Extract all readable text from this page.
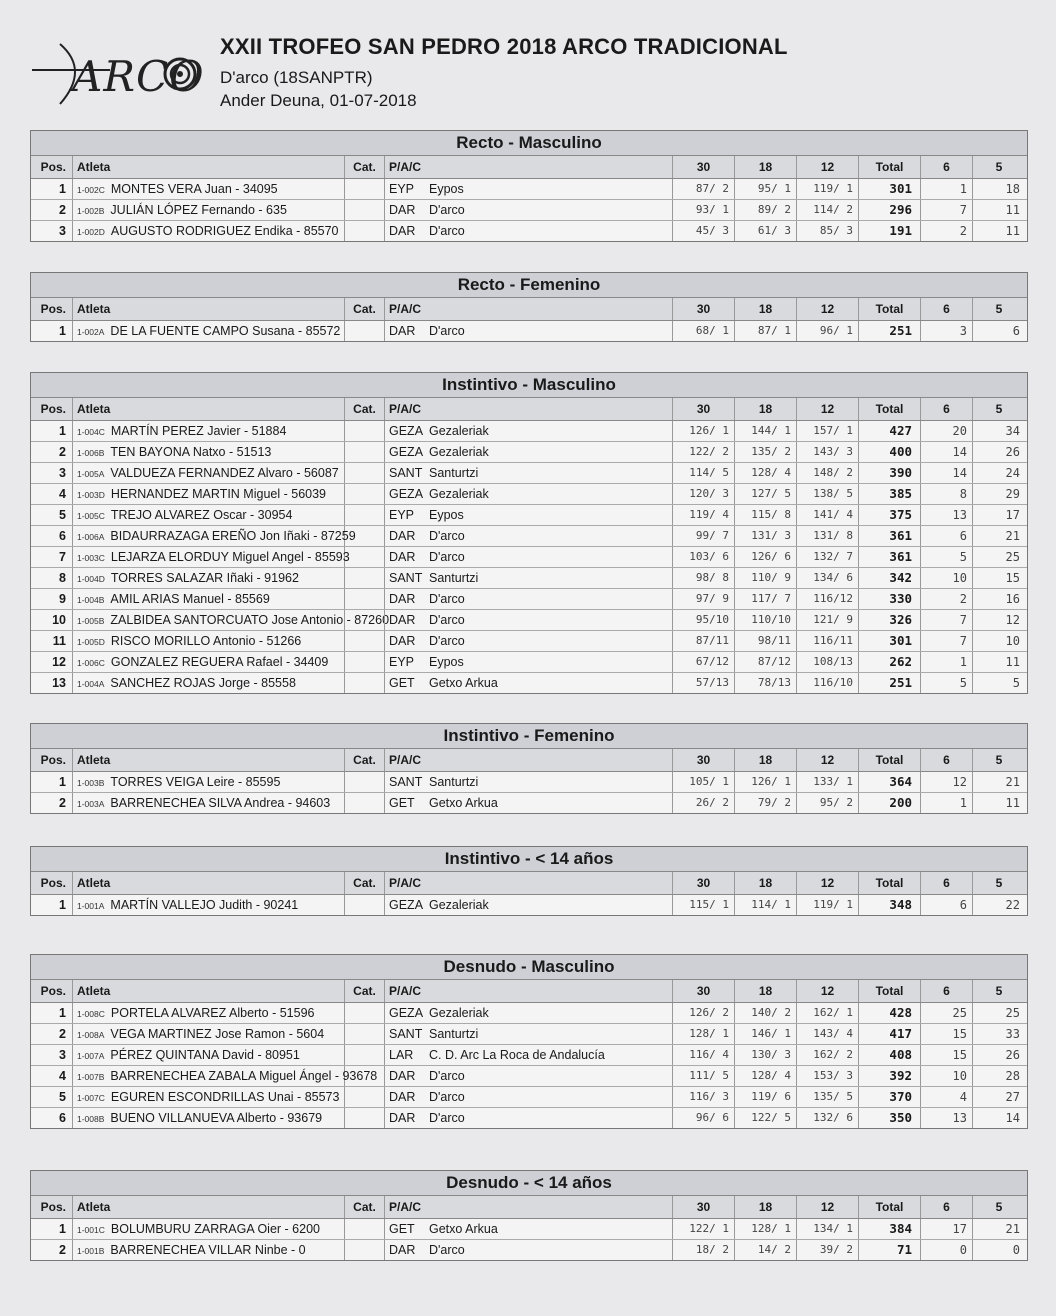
ARCO
XXII TROFEO SAN PEDRO 2018 ARCO TRADICIONAL
D'arco (18SANPTR)
Ander Deuna, 01-07-2018
Recto - Masculino
Pos. Atleta	Cat.	P/A/C	30	18	12	Total	6	5
1	1-002C MONTES VERA Juan - 34095	EYP Eypos	87/ 2	95/ 1	119/ 1	301	1	18
2	1-002B JULIÁN LÓPEZ Fernando - 635	DAR D'arco	93/ 1	89/ 2	114/ 2	296	7	11
3	1-002D AUGUSTO RODRIGUEZ Endika - 85570	DAR D'arco	45/ 3	61/ 3	85/ 3	191	2	11
Recto - Femenino
Pos. Atleta	Cat.	P/A/C	30	18	12	Total	6	5
1	1-002A DE LA FUENTE CAMPO Susana - 85572	DAR D'arco	68/ 1	87/ 1	96/ 1	251	3	6
Instintivo - Masculino
Pos. Atleta	Cat.	P/A/C	30	18	12	Total	6	5
1	1-004C MARTÍN PEREZ Javier - 51884	GEZA Gezaleriak	126/ 1	144/ 1	157/ 1	427	20	34
2	1-006B TEN BAYONA Natxo - 51513	GEZA Gezaleriak	122/ 2	135/ 2	143/ 3	400	14	26
3	1-005A VALDUEZA FERNANDEZ Alvaro - 56087	SANT Santurtzi	114/ 5	128/ 4	148/ 2	390	14	24
4	1-003D HERNANDEZ MARTIN Miguel - 56039	GEZA Gezaleriak	120/ 3	127/ 5	138/ 5	385	8	29
5	1-005C TREJO ALVAREZ Oscar - 30954	EYP Eypos	119/ 4	115/ 8	141/ 4	375	13	17
6	1-006A BIDAURRAZAGA EREÑO Jon Iñaki - 87259	DAR D'arco	99/ 7	131/ 3	131/ 8	361	6	21
7	1-003C LEJARZA ELORDUY Miguel Angel - 85593	DAR D'arco	103/ 6	126/ 6	132/ 7	361	5	25
8	1-004D TORRES SALAZAR Iñaki - 91962	SANT Santurtzi	98/ 8	110/ 9	134/ 6	342	10	15
9	1-004B AMIL ARIAS Manuel - 85569	DAR D'arco	97/ 9	117/ 7	116/12	330	2	16
10	1-005B ZALBIDEA SANTORCUATO Jose Antonio - 87260 DAR D'arco	95/10	110/10	121/ 9	326	7	12
11	1-005D RISCO MORILLO Antonio - 51266	DAR D'arco	87/11	98/11	116/11	301	7	10
12	1-006C GONZALEZ REGUERA Rafael - 34409	EYP Eypos	67/12	87/12	108/13	262	1	11
13	1-004A SANCHEZ ROJAS Jorge - 85558	GET Getxo Arkua	57/13	78/13	116/10	251	5	5
Instintivo - Femenino
Pos. Atleta	Cat.	P/A/C	30	18	12	Total	6	5
1	1-003B TORRES VEIGA Leire - 85595	SANT Santurtzi	105/ 1	126/ 1	133/ 1	364	12	21
2	1-003A BARRENECHEA SILVA Andrea - 94603	GET Getxo Arkua	26/ 2	79/ 2	95/ 2	200	1	11
Instintivo - < 14 años
Pos. Atleta	Cat.	P/A/C	30	18	12	Total	6	5
1	1-001A MARTÍN VALLEJO Judith - 90241	GEZA Gezaleriak	115/ 1	114/ 1	119/ 1	348	6	22
Desnudo - Masculino
Pos. Atleta	Cat.	P/A/C	30	18	12	Total	6	5
1	1-008C PORTELA ALVAREZ Alberto - 51596	GEZA Gezaleriak	126/ 2	140/ 2	162/ 1	428	25	25
2	1-008A VEGA MARTINEZ Jose Ramon - 5604	SANT Santurtzi	128/ 1	146/ 1	143/ 4	417	15	33
3	1-007A PÉREZ QUINTANA David - 80951	LAR C. D. Arc La Roca de Andalucía	116/ 4	130/ 3	162/ 2	408	15	26
4	1-007B BARRENECHEA ZABALA Miguel Ángel - 93678 DAR D'arco	111/ 5	128/ 4	153/ 3	392	10	28
5	1-007C EGUREN ESCONDRILLAS Unai - 85573	DAR D'arco	116/ 3	119/ 6	135/ 5	370	4	27
6	1-008B BUENO VILLANUEVA Alberto - 93679	DAR D'arco	96/ 6	122/ 5	132/ 6	350	13	14
Desnudo - < 14 años
Pos. Atleta	Cat.	P/A/C	30	18	12	Total	6	5
1	1-001C BOLUMBURU ZARRAGA Oier - 6200	GET Getxo Arkua	122/ 1	128/ 1	134/ 1	384	17	21
2	1-001B BARRENECHEA VILLAR Ninbe - 0	DAR D'arco	18/ 2	14/ 2	39/ 2	71	0	0
